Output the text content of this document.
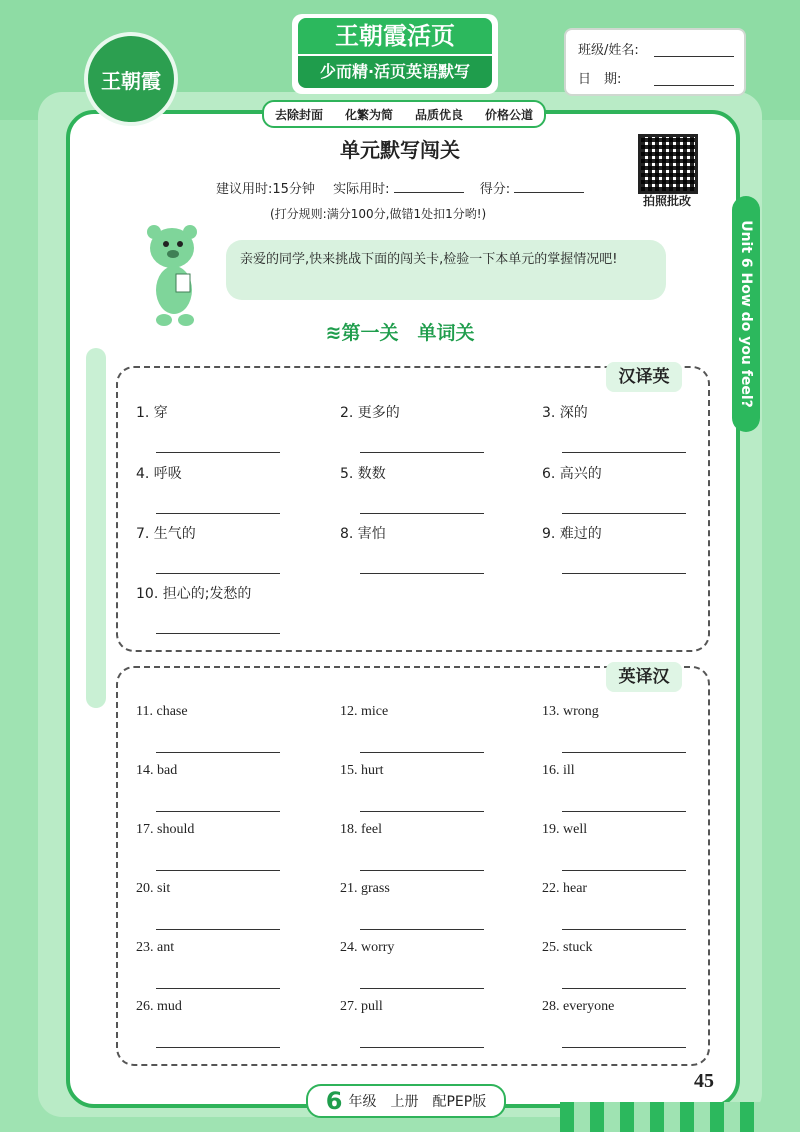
王朝霞
王朝霞活页
少而精·活页英语默写
去除封面 化繁为简 品质优良 价格公道
班级/姓名:
日　期:
拍照批改
单元默写闯关
建议用时:15分钟 实际用时:	得分:
(打分规则:满分100分,做错1处扣1分哟!)
亲爱的同学,快来挑战下面的闯关卡,检验一下本单元的掌握情况吧!	Unit 6 How do you feel?
≋第一关　单词关
汉译英
1. 穿	2. 更多的	3. 深的
4. 呼吸	5. 数数	6. 高兴的
7. 生气的	8. 害怕	9. 难过的
10. 担心的;发愁的
英译汉
11. chase	12. mice	13. wrong
14. bad	15. hurt	16. ill
17. should	18. feel	19. well
20. sit	21. grass	22. hear
23. ant	24. worry	25. stuck
26. mud	27. pull	28. everyone
6 年级　上册　配PEP版
45
